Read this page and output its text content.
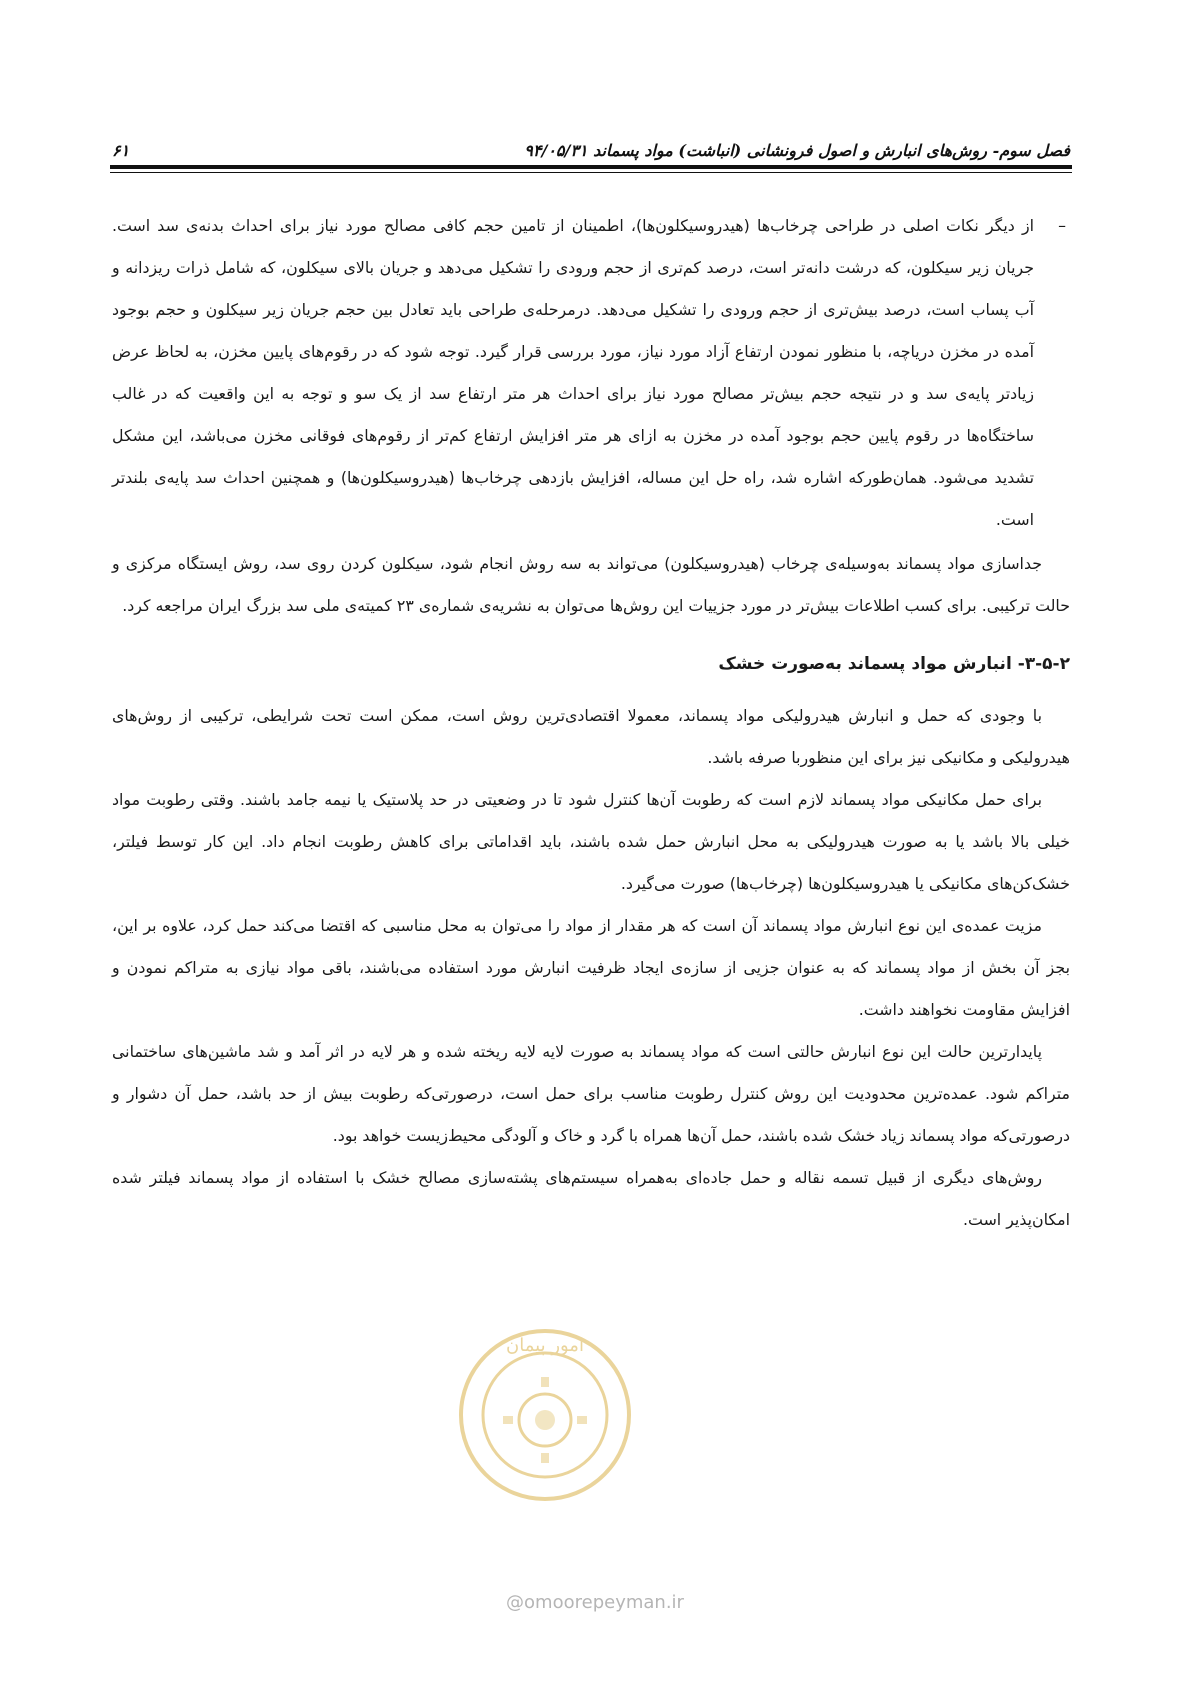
فصل سوم- روش‌های انبارش و اصول فرونشانی (انباشت) مواد پسماند ۹۴/۰۵/۳۱
۶۱
–
از دیگر نکات اصلی در طراحی چرخاب‌ها (هیدروسیکلون‌ها)، اطمینان از تامین حجم کافی مصالح مورد نیاز برای احداث بدنه‌ی سد است. جریان زیر سیکلون، که درشت دانه‌تر است، درصد کم‌تری از حجم ورودی را تشکیل می‌دهد و جریان بالای سیکلون، که شامل ذرات ریزدانه و آب پساب است، درصد بیش‌تری از حجم ورودی را تشکیل می‌دهد. درمرحله‌ی طراحی باید تعادل بین حجم جریان زیر سیکلون و حجم بوجود آمده در مخزن دریاچه، با منظور نمودن ارتفاع آزاد مورد نیاز، مورد بررسی قرار گیرد. توجه شود که در رقوم‌های پایین مخزن، به لحاظ عرض زیادتر پایه‌ی سد و در نتیجه حجم بیش‌تر مصالح مورد نیاز برای احداث هر متر ارتفاع سد از یک سو و توجه به این واقعیت که در غالب ساختگاه‌ها در رقوم پایین حجم بوجود آمده در مخزن به ازای هر متر افزایش ارتفاع کم‌تر از رقوم‌های فوقانی مخزن می‌باشد، این مشکل تشدید می‌شود. همان‌طورکه اشاره شد، راه حل این مساله، افزایش بازدهی چرخاب‌ها (هیدروسیکلون‌ها) و همچنین احداث سد پایه‌ی بلندتر است.

جداسازی مواد پسماند به‌وسیله‌ی چرخاب (هیدروسیکلون) می‌تواند به سه روش انجام شود، سیکلون کردن روی سد، روش ایستگاه مرکزی و حالت ترکیبی. برای کسب اطلاعات بیش‌تر در مورد جزییات این روش‌ها می‌توان به نشریه‌ی شماره‌ی ۲۳ کمیته‌ی ملی سد بزرگ ایران مراجعه کرد.

۳-۵-۲- انبارش مواد پسماند به‌صورت خشک

با وجودی که حمل و انبارش هیدرولیکی مواد پسماند، معمولا اقتصادی‌ترین روش است، ممکن است تحت شرایطی، ترکیبی از روش‌های هیدرولیکی و مکانیکی نیز برای این منظوربا صرفه باشد.

برای حمل مکانیکی مواد پسماند لازم است که رطوبت آن‌ها کنترل شود تا در وضعیتی در حد پلاستیک یا نیمه جامد باشند. وقتی رطوبت مواد خیلی بالا باشد یا به صورت هیدرولیکی به محل انبارش حمل شده باشند، باید اقداماتی برای کاهش رطوبت انجام داد. این کار توسط فیلتر، خشک‌کن‌های مکانیکی یا هیدروسیکلون‌ها (چرخاب‌ها) صورت می‌گیرد.

مزیت عمده‌ی این نوع انبارش مواد پسماند آن است که هر مقدار از مواد را می‌توان به محل مناسبی که اقتضا می‌کند حمل کرد، علاوه بر این، بجز آن بخش از مواد پسماند که به عنوان جزیی از سازه‌ی ایجاد ظرفیت انبارش مورد استفاده می‌باشند، باقی مواد نیازی به متراکم نمودن و افزایش مقاومت نخواهند داشت.

پایدارترین حالت این نوع انبارش حالتی است که مواد پسماند به صورت لایه لایه ریخته شده و هر لایه در اثر آمد و شد ماشین‌های ساختمانی متراکم شود. عمده‌ترین محدودیت این روش کنترل رطوبت مناسب برای حمل است، درصورتی‌که رطوبت بیش از حد باشد، حمل آن دشوار و درصورتی‌که مواد پسماند زیاد خشک شده باشند، حمل آن‌ها همراه با گرد و خاک و آلودگی محیط‌زیست خواهد بود.

روش‌های دیگری از قبیل تسمه نقاله و حمل جاده‌ای به‌همراه سیستم‌های پشته‌سازی مصالح خشک با استفاده از مواد پسماند فیلتر شده امکان‌پذیر است.

امور پیمان
@omoorepeyman.ir
